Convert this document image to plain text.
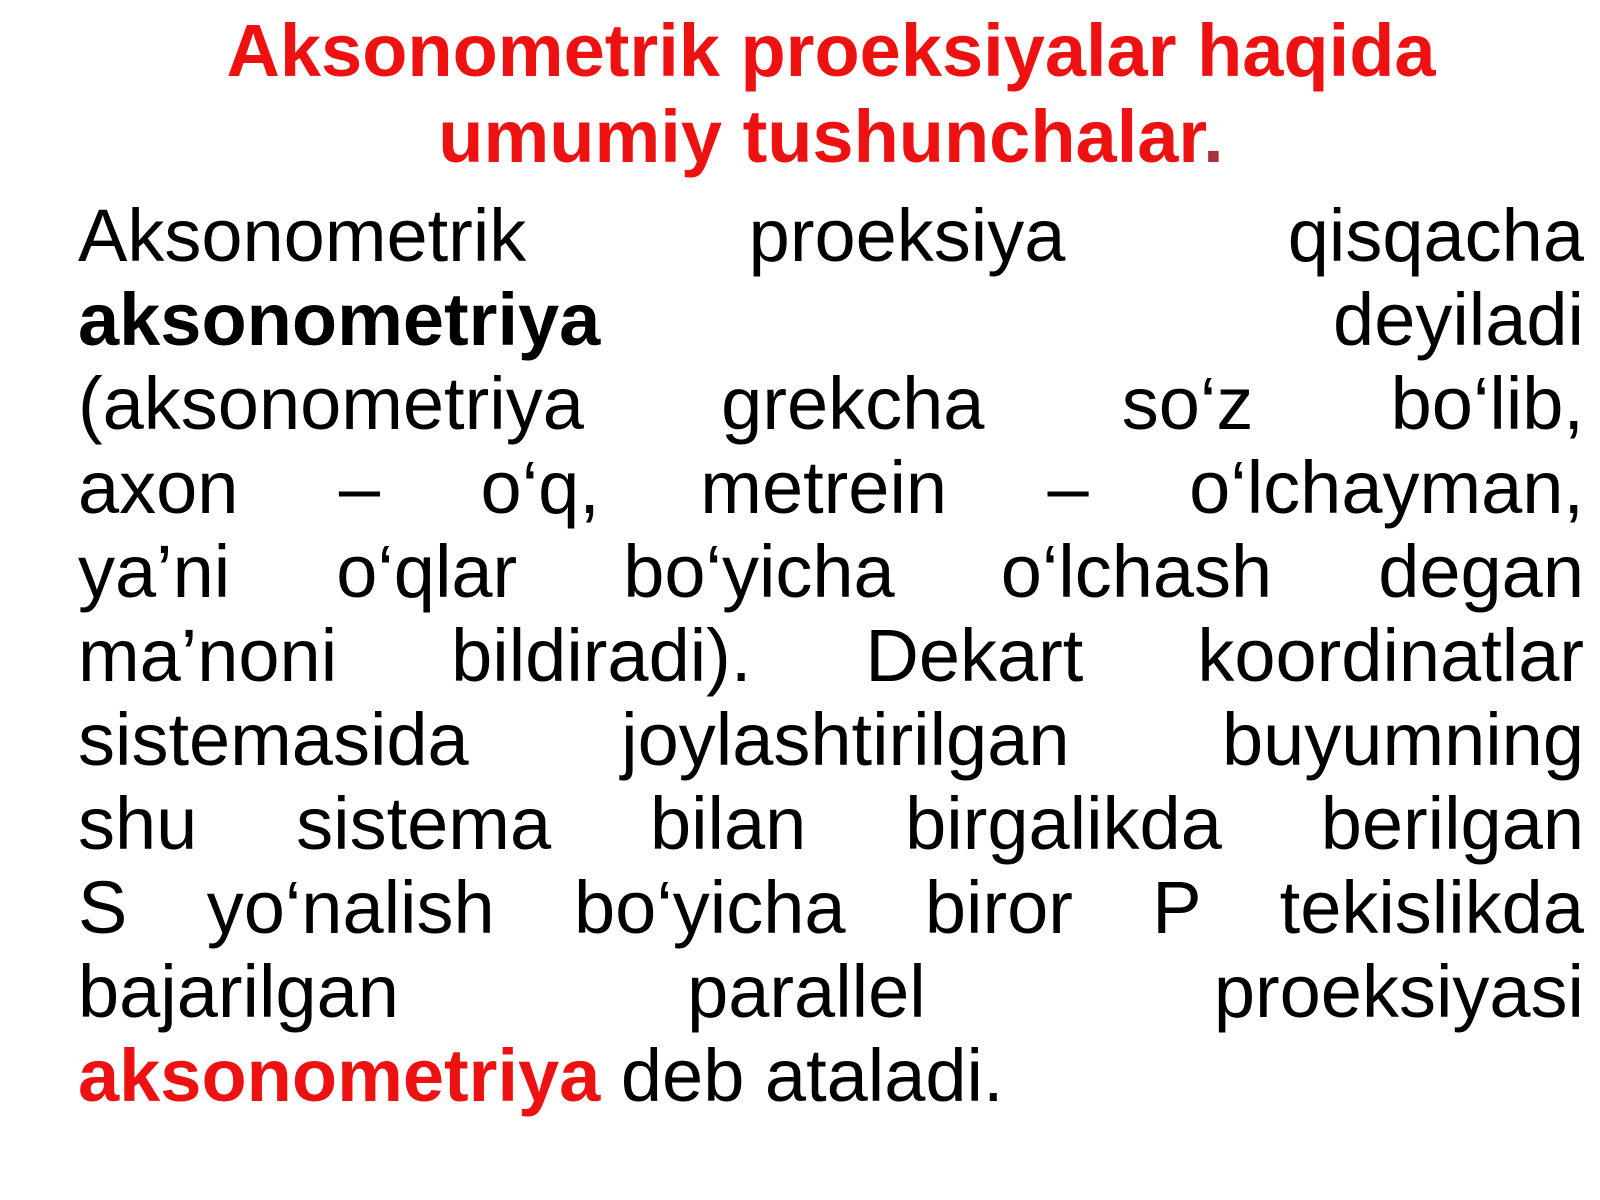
Aksonometrik proeksiyalar haqida
umumiy tushunchalar.
Aksonometrik proeksiya qisqacha
aksonometriya	deyiladi
(aksonometriya grekcha so‘z bo‘lib,
axon – o‘q, metrein – o‘lchayman,
ya’ni o‘qlar bo‘yicha o‘lchash degan
ma’noni bildiradi). Dekart koordinatlar
sistemasida joylashtirilgan buyumning
shu sistema bilan birgalikda berilgan
S yo‘nalish bo‘yicha biror P tekislikda
bajarilgan parallel proeksiyasi
aksonometriya deb ataladi.
